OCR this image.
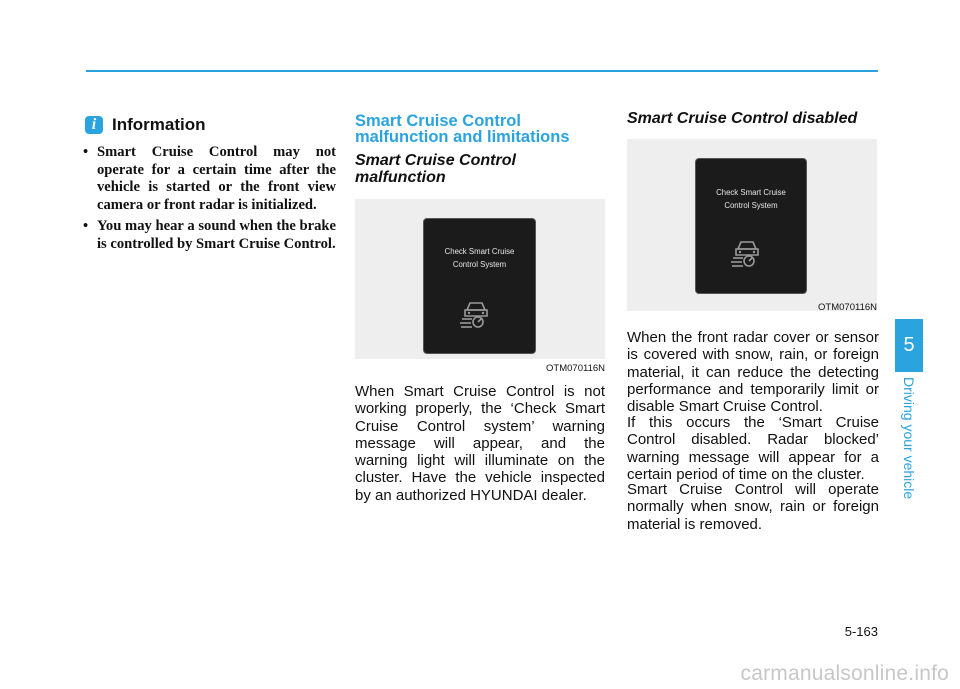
i Information
• Smart Cruise Control may not operate for a certain time after the vehicle is started or the front view camera or front radar is initialized.
• You may hear a sound when the brake is controlled by Smart Cruise Control.
Smart Cruise Control malfunction and limitations
Smart Cruise Control malfunction
Check Smart Cruise
Control System
OTM070116N

When Smart Cruise Control is not working properly, the ‘Check Smart Cruise Control system’ warning message will appear, and the warning light will illuminate on the cluster. Have the vehicle inspected by an authorized HYUNDAI dealer.

Smart Cruise Control disabled
Check Smart Cruise
Control System
OTM070116N

When the front radar cover or sensor is covered with snow, rain, or foreign material, it can reduce the detecting performance and temporarily limit or disable Smart Cruise Control.

If this occurs the ‘Smart Cruise Control disabled. Radar blocked’ warning message will appear for a certain period of time on the cluster.

Smart Cruise Control will operate normally when snow, rain or foreign material is removed.

5
Driving your vehicle
5-163
carmanualsonline.info
